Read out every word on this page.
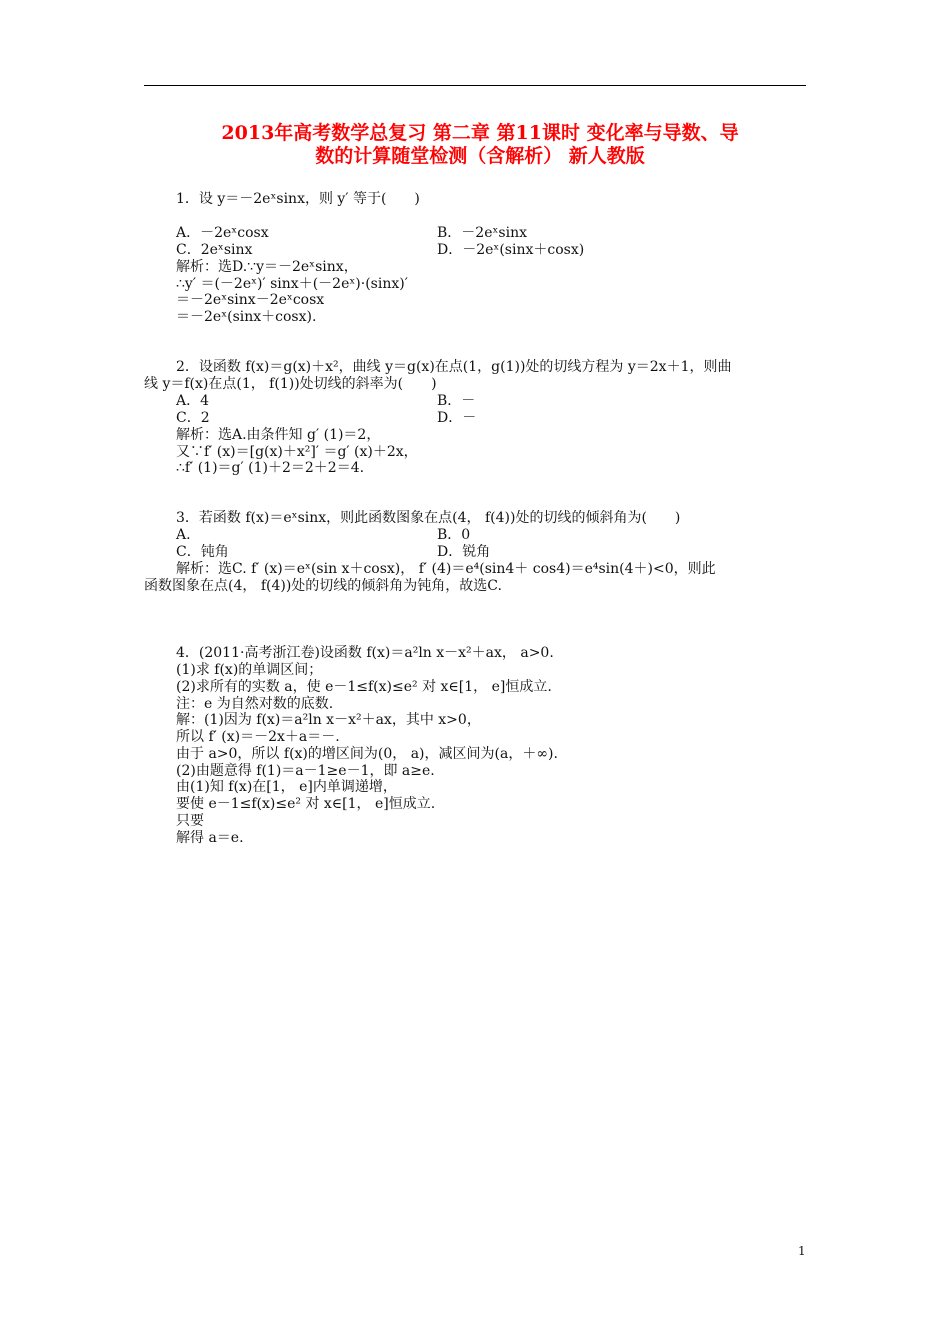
2013年高考数学总复习 第二章 第11课时 变化率与导数、导
数的计算随堂检测（含解析） 新人教版
1．设 y＝－2eˣsinx，则 y′ 等于(　　)
A．－2eˣcosx	B．－2eˣsinx
C．2eˣsinx	D．－2eˣ(sinx＋cosx)
解析：选D.∵y＝－2eˣsinx，
∴y′ ＝(－2eˣ)′ sinx＋(－2eˣ)·(sinx)′
＝－2eˣsinx－2eˣcosx
＝－2eˣ(sinx＋cosx).
2．设函数 f(x)＝g(x)＋x²，曲线 y＝g(x)在点(1，g(1))处的切线方程为 y＝2x＋1，则曲
线 y＝f(x)在点(1， f(1))处切线的斜率为(　　)
A．4	B．－
C．2	D．－
解析：选A.由条件知 g′ (1)＝2，
又∵f′ (x)＝[g(x)＋x²]′ ＝g′ (x)＋2x，
∴f′ (1)＝g′ (1)＋2＝2＋2＝4.
3．若函数 f(x)＝eˣsinx，则此函数图象在点(4， f(4))处的切线的倾斜角为(　　)
A.	B．0
C．钝角	D．锐角
解析：选C. f′ (x)＝eˣ(sin x＋cosx)， f′ (4)＝e⁴(sin4＋ cos4)＝e⁴sin(4＋)<0，则此
函数图象在点(4， f(4))处的切线的倾斜角为钝角，故选C.
4．(2011·高考浙江卷)设函数 f(x)＝a²ln x－x²＋ax， a>0.
(1)求 f(x)的单调区间；
(2)求所有的实数 a，使 e－1≤f(x)≤e² 对 x∈[1， e]恒成立.
注：e 为自然对数的底数.
解：(1)因为 f(x)＝a²ln x－x²＋ax，其中 x>0，
所以 f′ (x)＝－2x＋a＝－.
由于 a>0，所以 f(x)的增区间为(0， a)，减区间为(a，＋∞).
(2)由题意得 f(1)＝a－1≥e－1，即 a≥e.
由(1)知 f(x)在[1， e]内单调递增，
要使 e－1≤f(x)≤e² 对 x∈[1， e]恒成立.
只要
解得 a＝e.
1
